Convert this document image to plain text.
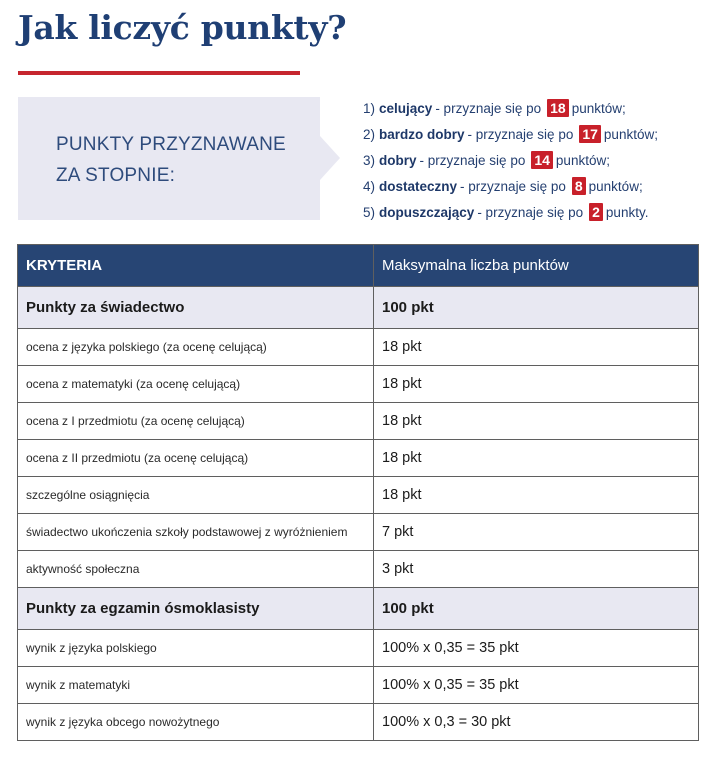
Jak liczyć punkty?
PUNKTY PRZYZNAWANE
ZA STOPNIE:
1) celujący - przyznaje się po 18 punktów;
2) bardzo dobry - przyznaje się po 17 punktów;
3) dobry - przyznaje się po 14 punktów;
4) dostateczny - przyznaje się po 8 punktów;
5) dopuszczający - przyznaje się po 2 punkty.
KRYTERIA	Maksymalna liczba punktów
Punkty za świadectwo	100 pkt
ocena z języka polskiego (za ocenę celującą)	18 pkt
ocena z matematyki (za ocenę celującą)	18 pkt
ocena z I przedmiotu (za ocenę celującą)	18 pkt
ocena z II przedmiotu (za ocenę celującą)	18 pkt
szczególne osiągnięcia	18 pkt
świadectwo ukończenia szkoły podstawowej z wyróżnieniem	7 pkt
aktywność społeczna	3 pkt
Punkty za egzamin ósmoklasisty	100 pkt
wynik z języka polskiego	100% x 0,35 = 35 pkt
wynik z matematyki	100% x 0,35 = 35 pkt
wynik z języka obcego nowożytnego	100% x 0,3 = 30 pkt
